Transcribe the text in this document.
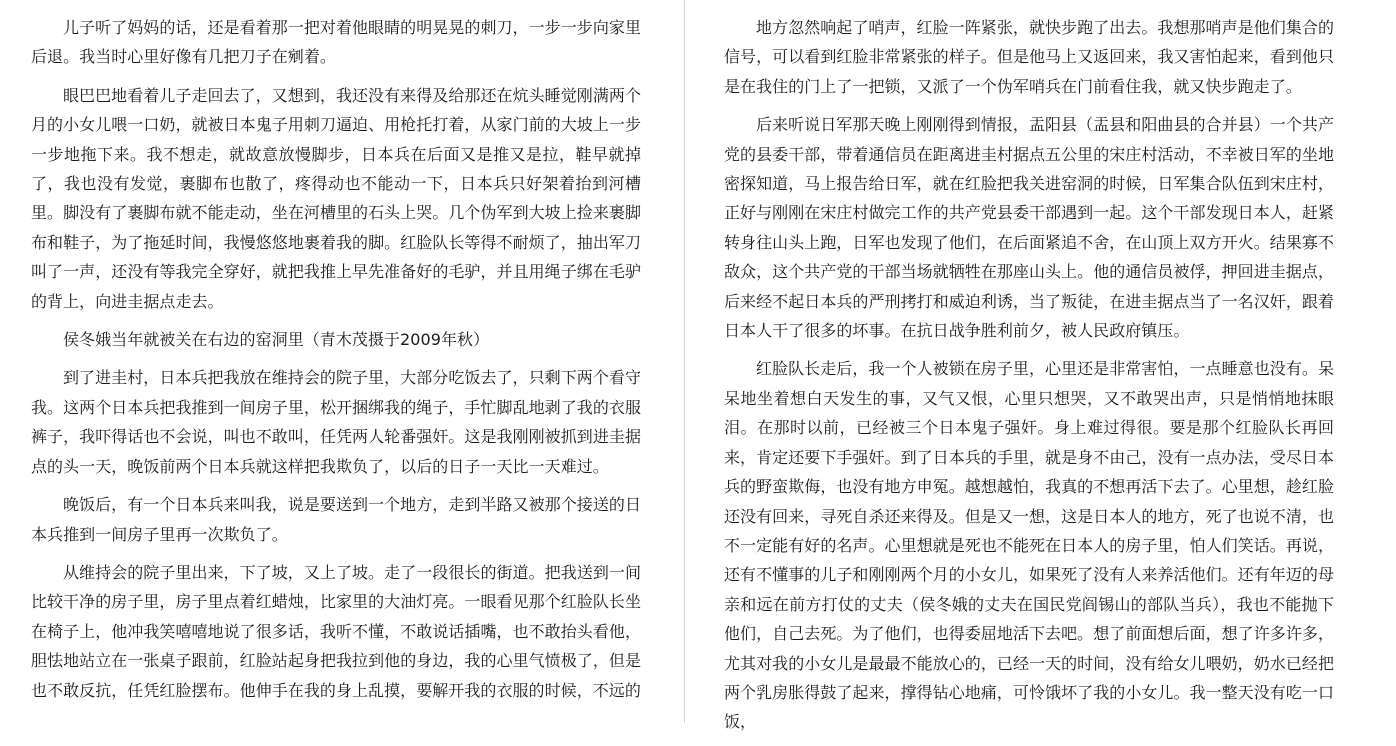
儿子听了妈妈的话，还是看着那一把对着他眼睛的明晃晃的刺刀，一步一步向家里后退。我当时心里好像有几把刀子在剜着。

眼巴巴地看着儿子走回去了，又想到，我还没有来得及给那还在炕头睡觉刚满两个月的小女儿喂一口奶，就被日本鬼子用刺刀逼迫、用枪托打着，从家门前的大坡上一步一步地拖下来。我不想走，就故意放慢脚步，日本兵在后面又是推又是拉，鞋早就掉了，我也没有发觉，裹脚布也散了，疼得动也不能动一下，日本兵只好架着抬到河槽里。脚没有了裹脚布就不能走动，坐在河槽里的石头上哭。几个伪军到大坡上捡来裹脚布和鞋子，为了拖延时间，我慢悠悠地裹着我的脚。红脸队长等得不耐烦了，抽出军刀叫了一声，还没有等我完全穿好，就把我推上早先准备好的毛驴，并且用绳子绑在毛驴的背上，向进圭据点走去。

侯冬娥当年就被关在右边的窑洞里（青木茂摄于2009年秋）

到了进圭村，日本兵把我放在维持会的院子里，大部分吃饭去了，只剩下两个看守我。这两个日本兵把我推到一间房子里，松开捆绑我的绳子，手忙脚乱地剥了我的衣服裤子，我吓得话也不会说，叫也不敢叫，任凭两人轮番强奸。这是我刚刚被抓到进圭据点的头一天，晚饭前两个日本兵就这样把我欺负了，以后的日子一天比一天难过。

晚饭后，有一个日本兵来叫我，说是要送到一个地方，走到半路又被那个接送的日本兵推到一间房子里再一次欺负了。

从维持会的院子里出来，下了坡，又上了坡。走了一段很长的街道。把我送到一间比较干净的房子里，房子里点着红蜡烛，比家里的大油灯亮。一眼看见那个红脸队长坐在椅子上，他冲我笑嘻嘻地说了很多话，我听不懂，不敢说话插嘴，也不敢抬头看他，胆怯地站立在一张桌子跟前，红脸站起身把我拉到他的身边，我的心里气愤极了，但是也不敢反抗，任凭红脸摆布。他伸手在我的身上乱摸，要解开我的衣服的时候，不远的

地方忽然响起了哨声，红脸一阵紧张，就快步跑了出去。我想那哨声是他们集合的信号，可以看到红脸非常紧张的样子。但是他马上又返回来，我又害怕起来，看到他只是在我住的门上了一把锁，又派了一个伪军哨兵在门前看住我，就又快步跑走了。

后来听说日军那天晚上刚刚得到情报，盂阳县（盂县和阳曲县的合并县）一个共产党的县委干部，带着通信员在距离进圭村据点五公里的宋庄村活动，不幸被日军的坐地密探知道，马上报告给日军，就在红脸把我关进窑洞的时候，日军集合队伍到宋庄村，正好与刚刚在宋庄村做完工作的共产党县委干部遇到一起。这个干部发现日本人，赶紧转身往山头上跑，日军也发现了他们，在后面紧追不舍，在山顶上双方开火。结果寡不敌众，这个共产党的干部当场就牺牲在那座山头上。他的通信员被俘，押回进圭据点，后来经不起日本兵的严刑拷打和威迫利诱，当了叛徒，在进圭据点当了一名汉奸，跟着日本人干了很多的坏事。在抗日战争胜利前夕，被人民政府镇压。

红脸队长走后，我一个人被锁在房子里，心里还是非常害怕，一点睡意也没有。呆呆地坐着想白天发生的事，又气又恨，心里只想哭，又不敢哭出声，只是悄悄地抹眼泪。在那时以前，已经被三个日本鬼子强奸。身上难过得很。要是那个红脸队长再回来，肯定还要下手强奸。到了日本兵的手里，就是身不由己，没有一点办法，受尽日本兵的野蛮欺侮，也没有地方申冤。越想越怕，我真的不想再活下去了。心里想，趁红脸还没有回来，寻死自杀还来得及。但是又一想，这是日本人的地方，死了也说不清，也不一定能有好的名声。心里想就是死也不能死在日本人的房子里，怕人们笑话。再说，还有不懂事的儿子和刚刚两个月的小女儿，如果死了没有人来养活他们。还有年迈的母亲和远在前方打仗的丈夫（侯冬娥的丈夫在国民党阎锡山的部队当兵），我也不能抛下他们，自己去死。为了他们，也得委屈地活下去吧。想了前面想后面，想了许多许多，尤其对我的小女儿是最最不能放心的，已经一天的时间，没有给女儿喂奶，奶水已经把两个乳房胀得鼓了起来，撑得钻心地痛，可怜饿坏了我的小女儿。我一整天没有吃一口饭，
